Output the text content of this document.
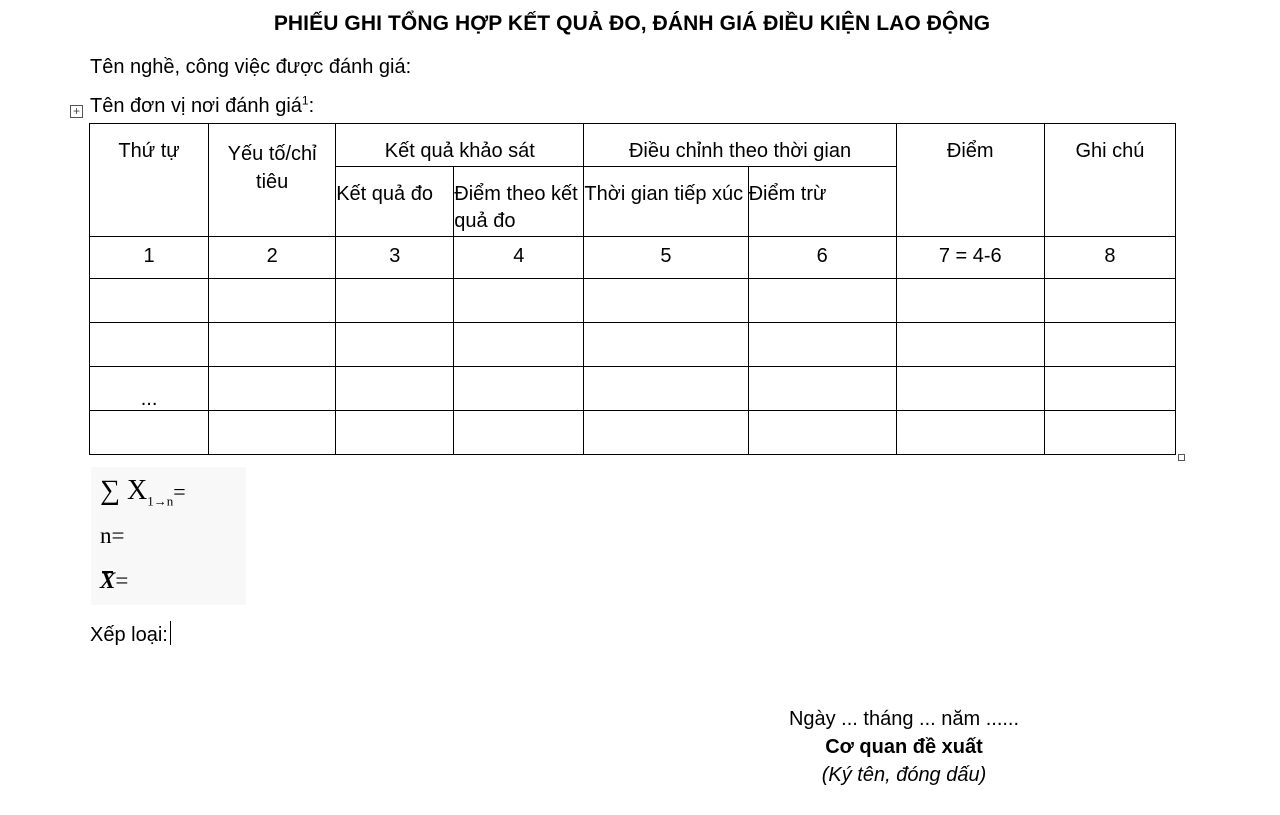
PHIẾU GHI TỔNG HỢP KẾT QUẢ ĐO, ĐÁNH GIÁ ĐIỀU KIỆN LAO ĐỘNG
Tên nghề, công việc được đánh giá:
+ Tên đơn vị nơi đánh giá$^1$:
Thứ tự	Yếu tố/chỉ tiêu	Kết quả khảo sát		Điều chỉnh theo thời gian		Điểm	Ghi chú
		Kết quả đo	Điểm theo kết quả đo	Thời gian tiếp xúc	Điểm trừ		
1	2	3	4	5	6	7 = 4-6	8

...							

∑ $X_{1\to n}=$
n=
X=
Xếp loại:
Ngày ... tháng ... năm ......
Cơ quan đề xuất
(Ký tên, đóng dấu)
